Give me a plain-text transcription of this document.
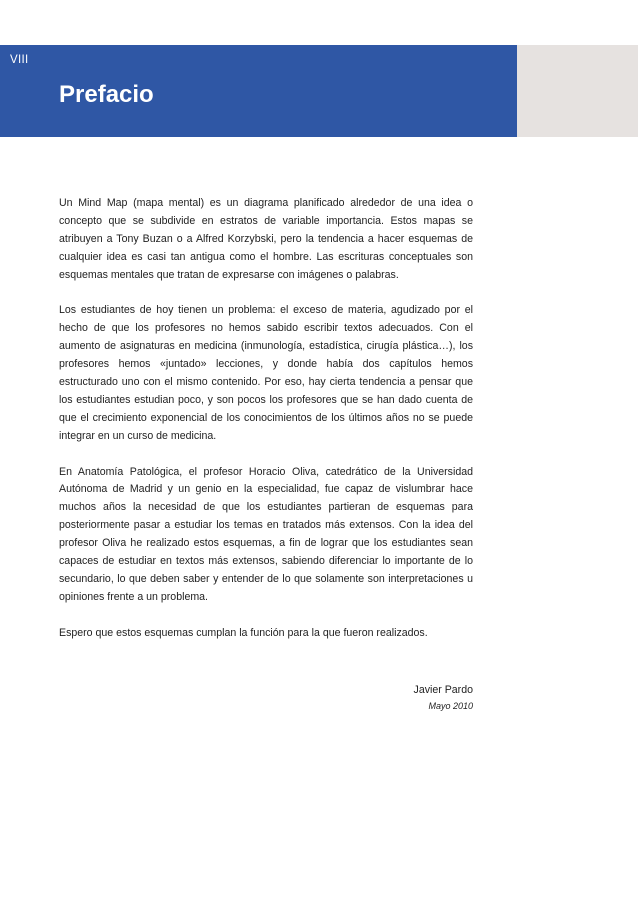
VIII
Prefacio

Un Mind Map (mapa mental) es un diagrama planificado alrededor de una idea o concepto que se subdivide en estratos de variable importancia. Estos mapas se atribuyen a Tony Buzan o a Alfred Korzybski, pero la tendencia a hacer esquemas de cualquier idea es casi tan antigua como el hombre. Las escrituras conceptuales son esquemas mentales que tratan de expresarse con imágenes o palabras.

Los estudiantes de hoy tienen un problema: el exceso de materia, agudizado por el hecho de que los profesores no hemos sabido escribir textos adecuados. Con el aumento de asignaturas en medicina (inmunología, estadística, cirugía plástica…), los profesores hemos «juntado» lecciones, y donde había dos capítulos hemos estructurado uno con el mismo contenido. Por eso, hay cierta tendencia a pensar que los estudiantes estudian poco, y son pocos los profesores que se han dado cuenta de que el crecimiento exponencial de los conocimientos de los últimos años no se puede integrar en un curso de medicina.

En Anatomía Patológica, el profesor Horacio Oliva, catedrático de la Universidad Autónoma de Madrid y un genio en la especialidad, fue capaz de vislumbrar hace muchos años la necesidad de que los estudiantes partieran de esquemas para posteriormente pasar a estudiar los temas en tratados más extensos. Con la idea del profesor Oliva he realizado estos esquemas, a fin de lograr que los estudiantes sean capaces de estudiar en textos más extensos, sabiendo diferenciar lo importante de lo secundario, lo que deben saber y entender de lo que solamente son interpretaciones u opiniones frente a un problema.

Espero que estos esquemas cumplan la función para la que fueron realizados.

Javier Pardo
Mayo 2010
